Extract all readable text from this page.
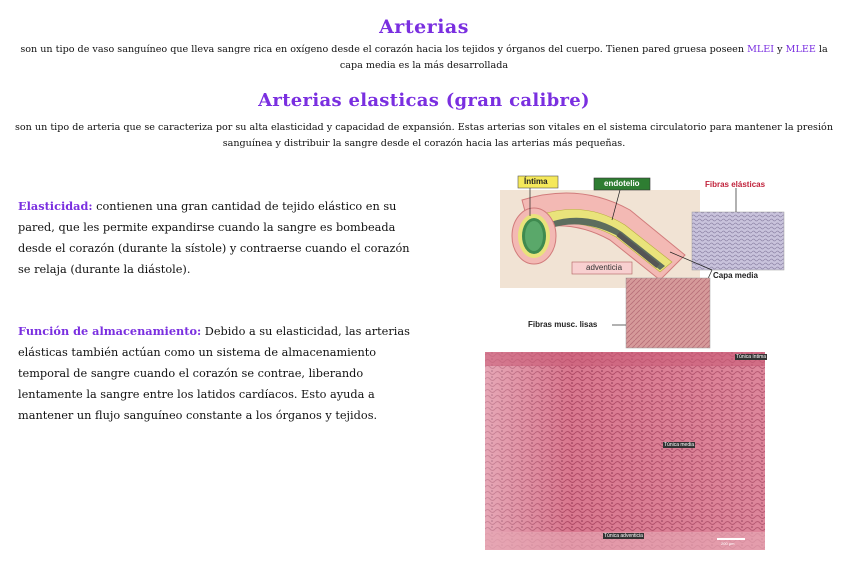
Arterias
son un tipo de vaso sanguíneo que lleva sangre rica en oxígeno desde el corazón hacia los tejidos y órganos del cuerpo. Tienen pared gruesa poseen MLEI y MLEE la capa media es la más desarrollada
Arterias elasticas (gran calibre)
son un tipo de arteria que se caracteriza por su alta elasticidad y capacidad de expansión. Estas arterias son vitales en el sistema circulatorio para mantener la presión sanguínea y distribuir la sangre desde el corazón hacia las arterias más pequeñas.
Elasticidad: contienen una gran cantidad de tejido elástico en su pared, que les permite expandirse cuando la sangre es bombeada desde el corazón (durante la sístole) y contraerse cuando el corazón se relaja (durante la diástole).
Función de almacenamiento: Debido a su elasticidad, las arterias elásticas también actúan como un sistema de almacenamiento temporal de sangre cuando el corazón se contrae, liberando lentamente la sangre entre los latidos cardíacos. Esto ayuda a mantener un flujo sanguíneo constante a los órganos y tejidos.
Íntima	endotelio	Fibras elásticas
adventicia
Capa media
Fibras musc. lisas
Túnica íntima
Túnica media
Túnica adventicia
200 µm
